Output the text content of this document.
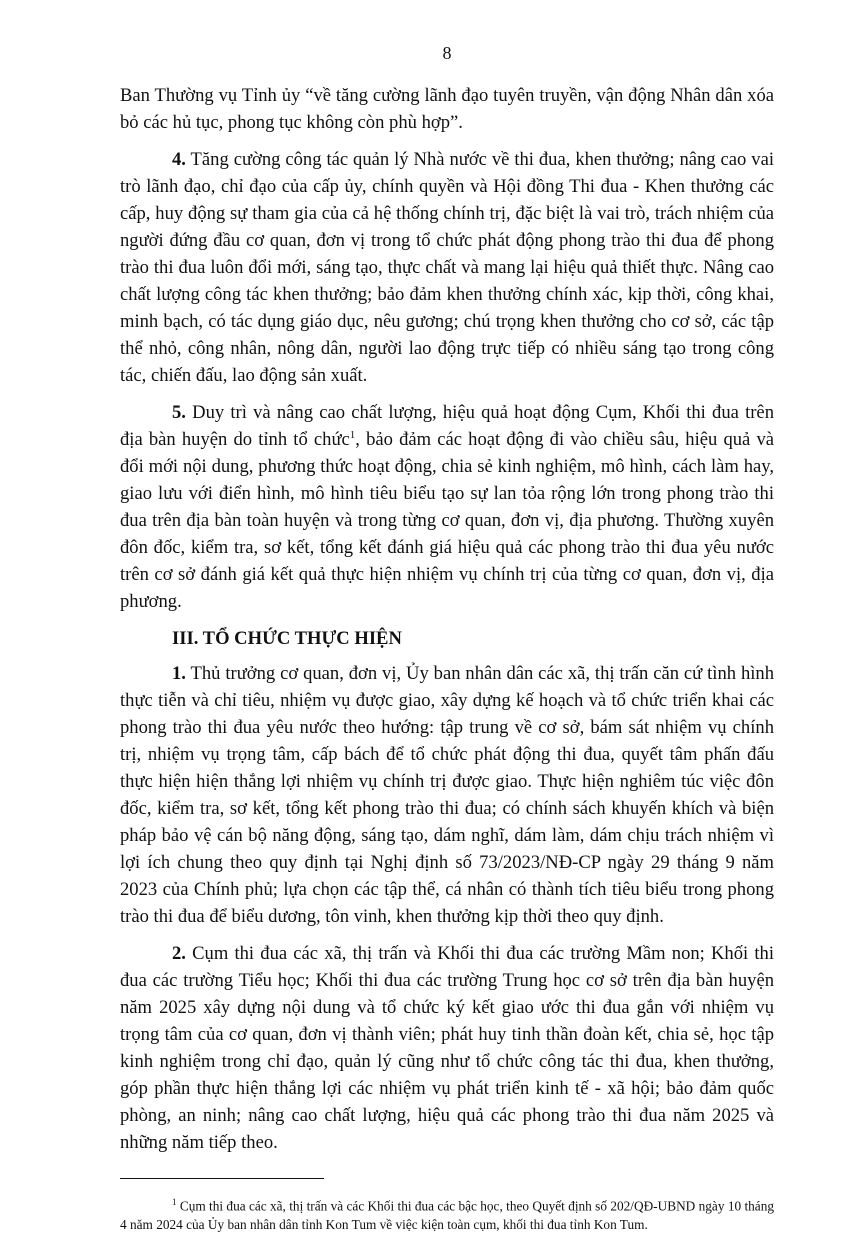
8

Ban Thường vụ Tỉnh ủy “về tăng cường lãnh đạo tuyên truyền, vận động Nhân dân xóa bỏ các hủ tục, phong tục không còn phù hợp”.

4. Tăng cường công tác quản lý Nhà nước về thi đua, khen thưởng; nâng cao vai trò lãnh đạo, chỉ đạo của cấp ủy, chính quyền và Hội đồng Thi đua - Khen thưởng các cấp, huy động sự tham gia của cả hệ thống chính trị, đặc biệt là vai trò, trách nhiệm của người đứng đầu cơ quan, đơn vị trong tổ chức phát động phong trào thi đua để phong trào thi đua luôn đổi mới, sáng tạo, thực chất và mang lại hiệu quả thiết thực. Nâng cao chất lượng công tác khen thưởng; bảo đảm khen thưởng chính xác, kịp thời, công khai, minh bạch, có tác dụng giáo dục, nêu gương; chú trọng khen thưởng cho cơ sở, các tập thể nhỏ, công nhân, nông dân, người lao động trực tiếp có nhiều sáng tạo trong công tác, chiến đấu, lao động sản xuất.

5. Duy trì và nâng cao chất lượng, hiệu quả hoạt động Cụm, Khối thi đua trên địa bàn huyện do tỉnh tổ chức$^1$, bảo đảm các hoạt động đi vào chiều sâu, hiệu quả và đổi mới nội dung, phương thức hoạt động, chia sẻ kinh nghiệm, mô hình, cách làm hay, giao lưu với điển hình, mô hình tiêu biểu tạo sự lan tỏa rộng lớn trong phong trào thi đua trên địa bàn toàn huyện và trong từng cơ quan, đơn vị, địa phương. Thường xuyên đôn đốc, kiểm tra, sơ kết, tổng kết đánh giá hiệu quả các phong trào thi đua yêu nước trên cơ sở đánh giá kết quả thực hiện nhiệm vụ chính trị của từng cơ quan, đơn vị, địa phương.

III. TỔ CHỨC THỰC HIỆN

1. Thủ trưởng cơ quan, đơn vị, Ủy ban nhân dân các xã, thị trấn căn cứ tình hình thực tiễn và chỉ tiêu, nhiệm vụ được giao, xây dựng kế hoạch và tổ chức triển khai các phong trào thi đua yêu nước theo hướng: tập trung về cơ sở, bám sát nhiệm vụ chính trị, nhiệm vụ trọng tâm, cấp bách để tổ chức phát động thi đua, quyết tâm phấn đấu thực hiện hiện thắng lợi nhiệm vụ chính trị được giao. Thực hiện nghiêm túc việc đôn đốc, kiểm tra, sơ kết, tổng kết phong trào thi đua; có chính sách khuyến khích và biện pháp bảo vệ cán bộ năng động, sáng tạo, dám nghĩ, dám làm, dám chịu trách nhiệm vì lợi ích chung theo quy định tại Nghị định số 73/2023/NĐ-CP ngày 29 tháng 9 năm 2023 của Chính phủ; lựa chọn các tập thể, cá nhân có thành tích tiêu biểu trong phong trào thi đua để biểu dương, tôn vinh, khen thưởng kịp thời theo quy định.

2. Cụm thi đua các xã, thị trấn và Khối thi đua các trường Mầm non; Khối thi đua các trường Tiểu học; Khối thi đua các trường Trung học cơ sở trên địa bàn huyện năm 2025 xây dựng nội dung và tổ chức ký kết giao ước thi đua gắn với nhiệm vụ trọng tâm của cơ quan, đơn vị thành viên; phát huy tinh thần đoàn kết, chia sẻ, học tập kinh nghiệm trong chỉ đạo, quản lý cũng như tổ chức công tác thi đua, khen thưởng, góp phần thực hiện thắng lợi các nhiệm vụ phát triển kinh tế - xã hội; bảo đảm quốc phòng, an ninh; nâng cao chất lượng, hiệu quả các phong trào thi đua năm 2025 và những năm tiếp theo.

$^1$ Cụm thi đua các xã, thị trấn và các Khối thi đua các bậc học, theo Quyết định số 202/QĐ-UBND ngày 10 tháng 4 năm 2024 của Ủy ban nhân dân tỉnh Kon Tum về việc kiện toàn cụm, khối thi đua tỉnh Kon Tum.
